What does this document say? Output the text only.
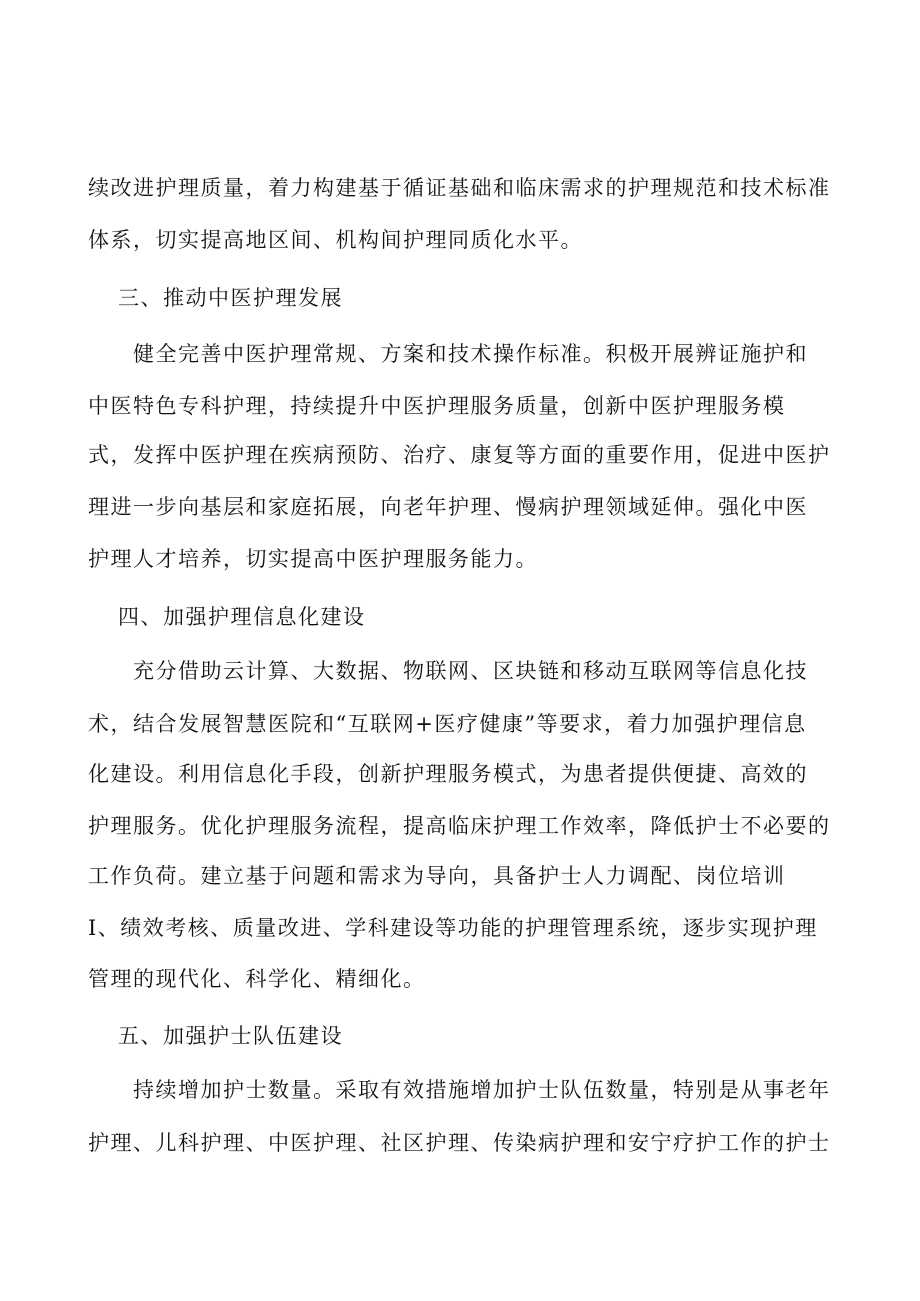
续改进护理质量，着力构建基于循证基础和临床需求的护理规范和技术标准
体系，切实提高地区间、机构间护理同质化水平。
三、推动中医护理发展
健全完善中医护理常规、方案和技术操作标准。积极开展辨证施护和
中医特色专科护理，持续提升中医护理服务质量，创新中医护理服务模
式，发挥中医护理在疾病预防、治疗、康复等方面的重要作用，促进中医护
理进一步向基层和家庭拓展，向老年护理、慢病护理领域延伸。强化中医
护理人才培养，切实提高中医护理服务能力。
四、加强护理信息化建设
充分借助云计算、大数据、物联网、区块链和移动互联网等信息化技
术，结合发展智慧医院和“互联网+医疗健康”等要求，着力加强护理信息
化建设。利用信息化手段，创新护理服务模式，为患者提供便捷、高效的
护理服务。优化护理服务流程，提高临床护理工作效率，降低护士不必要的
工作负荷。建立基于问题和需求为导向，具备护士人力调配、岗位培训
I、绩效考核、质量改进、学科建设等功能的护理管理系统，逐步实现护理
管理的现代化、科学化、精细化。
五、加强护士队伍建设
持续增加护士数量。采取有效措施增加护士队伍数量，特别是从事老年
护理、儿科护理、中医护理、社区护理、传染病护理和安宁疗护工作的护士
